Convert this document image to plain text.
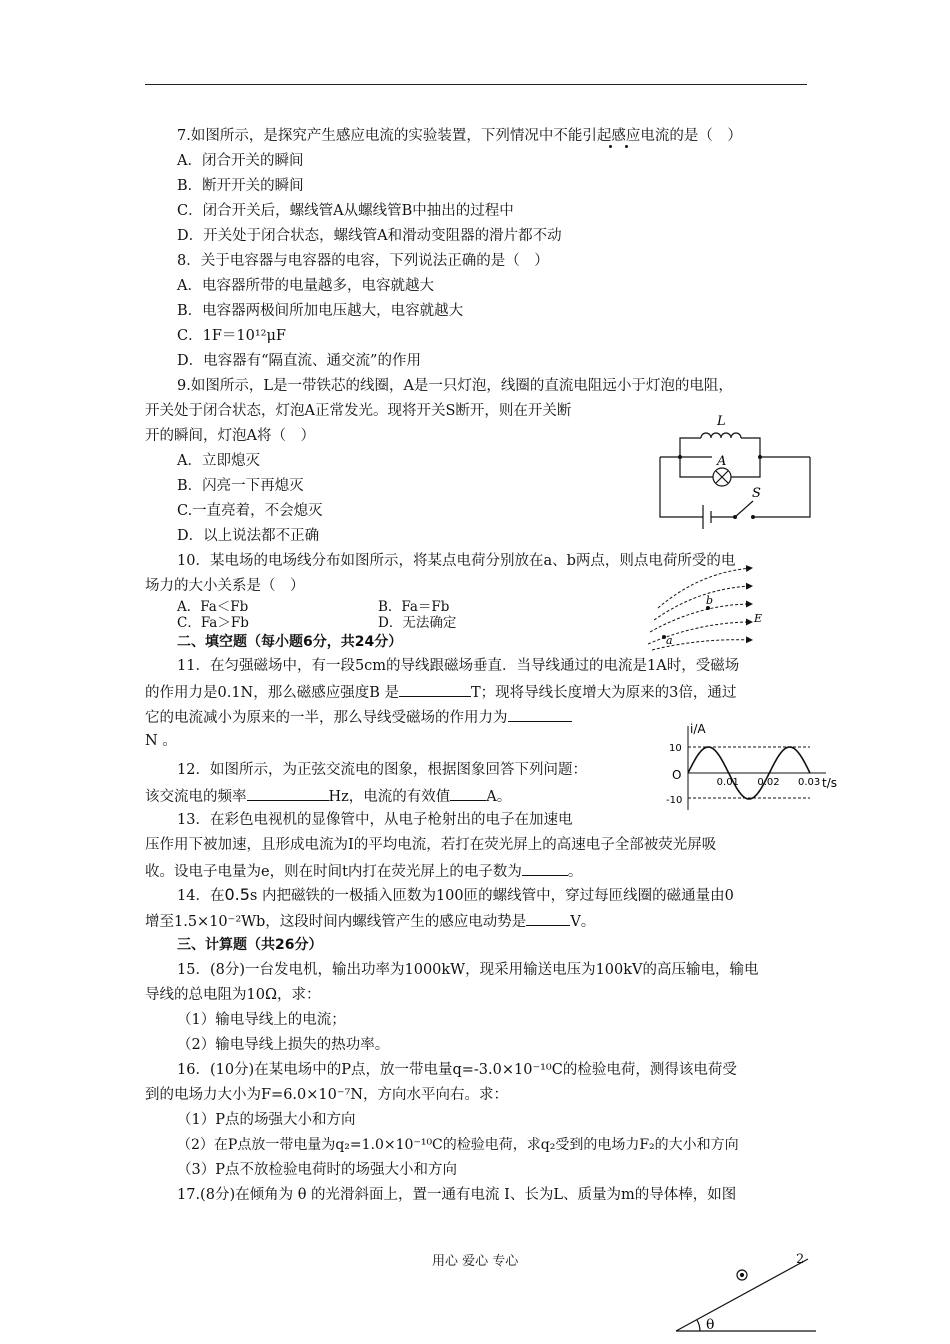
7.如图所示，是探究产生感应电流的实验装置，下列情况中不能引起感应电流的是（　）
A．闭合开关的瞬间
B．断开开关的瞬间
C．闭合开关后，螺线管A从螺线管B中抽出的过程中
D．开关处于闭合状态，螺线管A和滑动变阻器的滑片都不动
8．关于电容器与电容器的电容，下列说法正确的是（　）
A．电容器所带的电量越多，电容就越大
B．电容器两极间所加电压越大，电容就越大
C．1F＝10¹²μF
D．电容器有“隔直流、通交流”的作用
9.如图所示，L是一带铁芯的线圈，A是一只灯泡，线圈的直流电阻远小于灯泡的电阻，
开关处于闭合状态，灯泡A正常发光。现将开关S断开，则在开关断
开的瞬间，灯泡A将（　）
A．立即熄灭
B．闪亮一下再熄灭
C.一直亮着，不会熄灭
D．以上说法都不正确
L
A
S
10．某电场的电场线分布如图所示，将某点电荷分别放在a、b两点，则点电荷所受的电
场力的大小关系是（　）
A．Fa＜Fb	B．Fa＝Fb
C．Fa＞Fb	D．无法确定
b
a
E
二、填空题（每小题6分，共24分）
11．在匀强磁场中，有一段5cm的导线跟磁场垂直．当导线通过的电流是1A时，受磁场
的作用力是0.1N，那么磁感应强度B 是	T；现将导线长度增大为原来的3倍，通过
它的电流减小为原来的一半，那么导线受磁场的作用力为
N 。
0.01 0.02 0.03
10
-10
i/A
t/s
O
12．如图所示，为正弦交流电的图象，根据图象回答下列问题：
该交流电的频率	Hz，电流的有效值 A。
13．在彩色电视机的显像管中，从电子枪射出的电子在加速电
压作用下被加速，且形成电流为I的平均电流，若打在荧光屏上的高速电子全部被荧光屏吸
收。设电子电量为e，则在时间t内打在荧光屏上的电子数为	。
14．在0.5s 内把磁铁的一极插入匝数为100匝的螺线管中，穿过每匝线圈的磁通量由0
增至1.5×10⁻²Wb，这段时间内螺线管产生的感应电动势是	V。
三、计算题（共26分）
15．(8分)一台发电机，输出功率为1000kW，现采用输送电压为100kV的高压输电，输电
导线的总电阻为10Ω，求：
（1）输电导线上的电流；
（2）输电导线上损失的热功率。
16．(10分)在某电场中的P点，放一带电量q=-3.0×10⁻¹⁰C的检验电荷，测得该电荷受
到的电场力大小为F=6.0×10⁻⁷N，方向水平向右。求：
（1）P点的场强大小和方向
（2）在P点放一带电量为q₂=1.0×10⁻¹⁰C的检验电荷，求q₂受到的电场力F₂的大小和方向
（3）P点不放检验电荷时的场强大小和方向
17.(8分)在倾角为 θ 的光滑斜面上，置一通有电流 I、长为L、质量为m的导体棒，如图
用心 爱心 专心	2
θ
